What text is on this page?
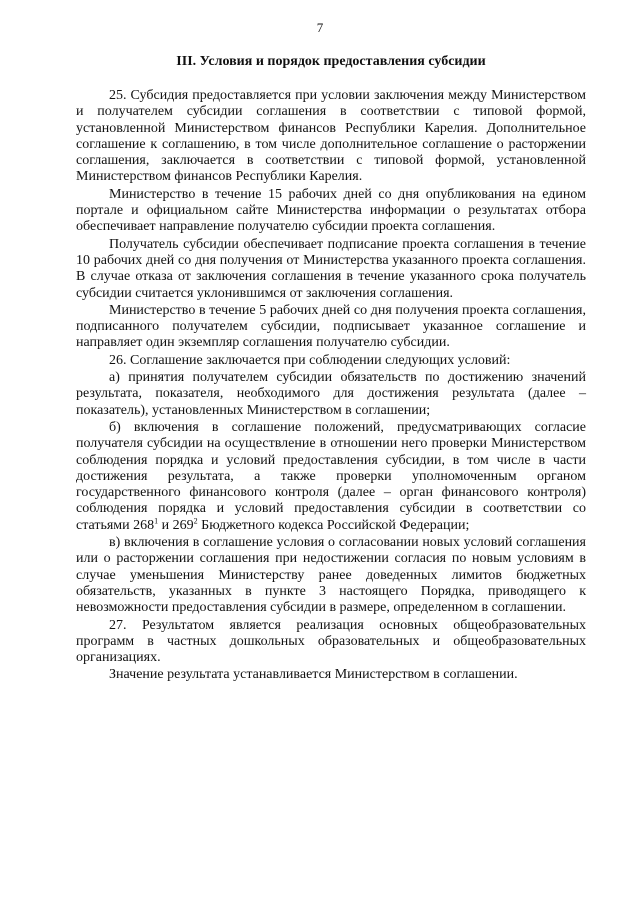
7
III. Условия и порядок предоставления субсидии

25. Субсидия предоставляется при условии заключения между Министерством и получателем субсидии соглашения в соответствии с типовой формой, установленной Министерством финансов Республики Карелия. Дополнительное соглашение к соглашению, в том числе дополнительное соглашение о расторжении соглашения, заключается в соответствии с типовой формой, установленной Министерством финансов Республики Карелия.

Министерство в течение 15 рабочих дней со дня опубликования на едином портале и официальном сайте Министерства информации о результатах отбора обеспечивает направление получателю субсидии проекта соглашения.

Получатель субсидии обеспечивает подписание проекта соглашения в течение 10 рабочих дней со дня получения от Министерства указанного проекта соглашения. В случае отказа от заключения соглашения в течение указанного срока получатель субсидии считается уклонившимся от заключения соглашения.

Министерство в течение 5 рабочих дней со дня получения проекта соглашения, подписанного получателем субсидии, подписывает указанное соглашение и направляет один экземпляр соглашения получателю субсидии.

26. Соглашение заключается при соблюдении следующих условий:

а) принятия получателем субсидии обязательств по достижению значений результата, показателя, необходимого для достижения результата (далее – показатель), установленных Министерством в соглашении;

б) включения в соглашение положений, предусматривающих согласие получателя субсидии на осуществление в отношении него проверки Министерством соблюдения порядка и условий предоставления субсидии, в том числе в части достижения результата, а также проверки уполномоченным органом государственного финансового контроля (далее – орган финансового контроля) соблюдения порядка и условий предоставления субсидии в соответствии со статьями $268^1$ и $269^2$ Бюджетного кодекса Российской Федерации;

в) включения в соглашение условия о согласовании новых условий соглашения или о расторжении соглашения при недостижении согласия по новым условиям в случае уменьшения Министерству ранее доведенных лимитов бюджетных обязательств, указанных в пункте 3 настоящего Порядка, приводящего к невозможности предоставления субсидии в размере, определенном в соглашении.

27. Результатом является реализация основных общеобразовательных программ в частных дошкольных образовательных и общеобразовательных организациях.

Значение результата устанавливается Министерством в соглашении.
